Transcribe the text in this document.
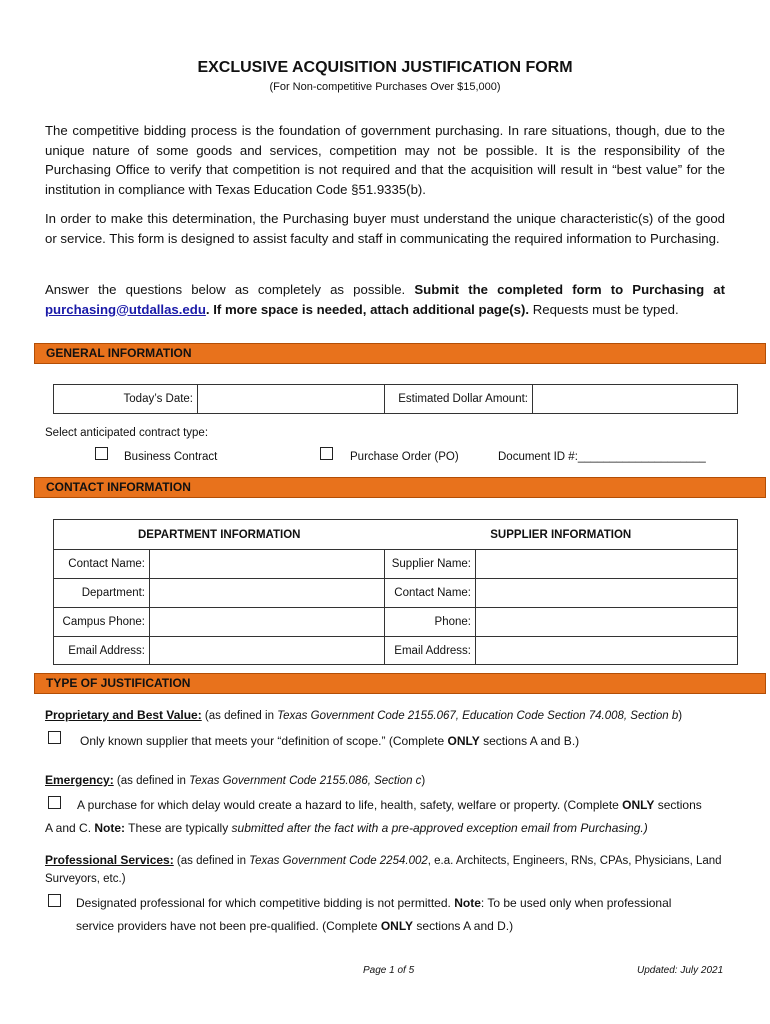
EXCLUSIVE ACQUISITION JUSTIFICATION FORM
(For Non-competitive Purchases Over $15,000)
The competitive bidding process is the foundation of government purchasing. In rare situations, though, due to the unique nature of some goods and services, competition may not be possible. It is the responsibility of the Purchasing Office to verify that competition is not required and that the acquisition will result in “best value” for the institution in compliance with Texas Education Code §51.9335(b).
In order to make this determination, the Purchasing buyer must understand the unique characteristic(s) of the good or service. This form is designed to assist faculty and staff in communicating the required information to Purchasing.
Answer the questions below as completely as possible. Submit the completed form to Purchasing at purchasing@utdallas.edu. If more space is needed, attach additional page(s). Requests must be typed.
GENERAL INFORMATION
Today’s Date:		Estimated Dollar Amount:	
Select anticipated contract type:
Business Contract	Purchase Order (PO)	Document ID #:____________________
CONTACT INFORMATION
DEPARTMENT INFORMATION		SUPPLIER INFORMATION	
Contact Name:		Supplier Name:	
Department:		Contact Name:	
Campus Phone:		Phone:	
Email Address:		Email Address:	
TYPE OF JUSTIFICATION
Proprietary and Best Value: (as defined in Texas Government Code 2155.067, Education Code Section 74.008, Section b)
Only known supplier that meets your “definition of scope.” (Complete ONLY sections A and B.)
Emergency: (as defined in Texas Government Code 2155.086, Section c)
A purchase for which delay would create a hazard to life, health, safety, welfare or property. (Complete ONLY sections
A and C. Note: These are typically submitted after the fact with a pre-approved exception email from Purchasing.)
Professional Services: (as defined in Texas Government Code 2254.002, e.a. Architects, Engineers, RNs, CPAs, Physicians, Land
Surveyors, etc.)
Designated professional for which competitive bidding is not permitted. Note: To be used only when professional
service providers have not been pre-qualified. (Complete ONLY sections A and D.)
Page 1 of 5	Updated: July 2021
